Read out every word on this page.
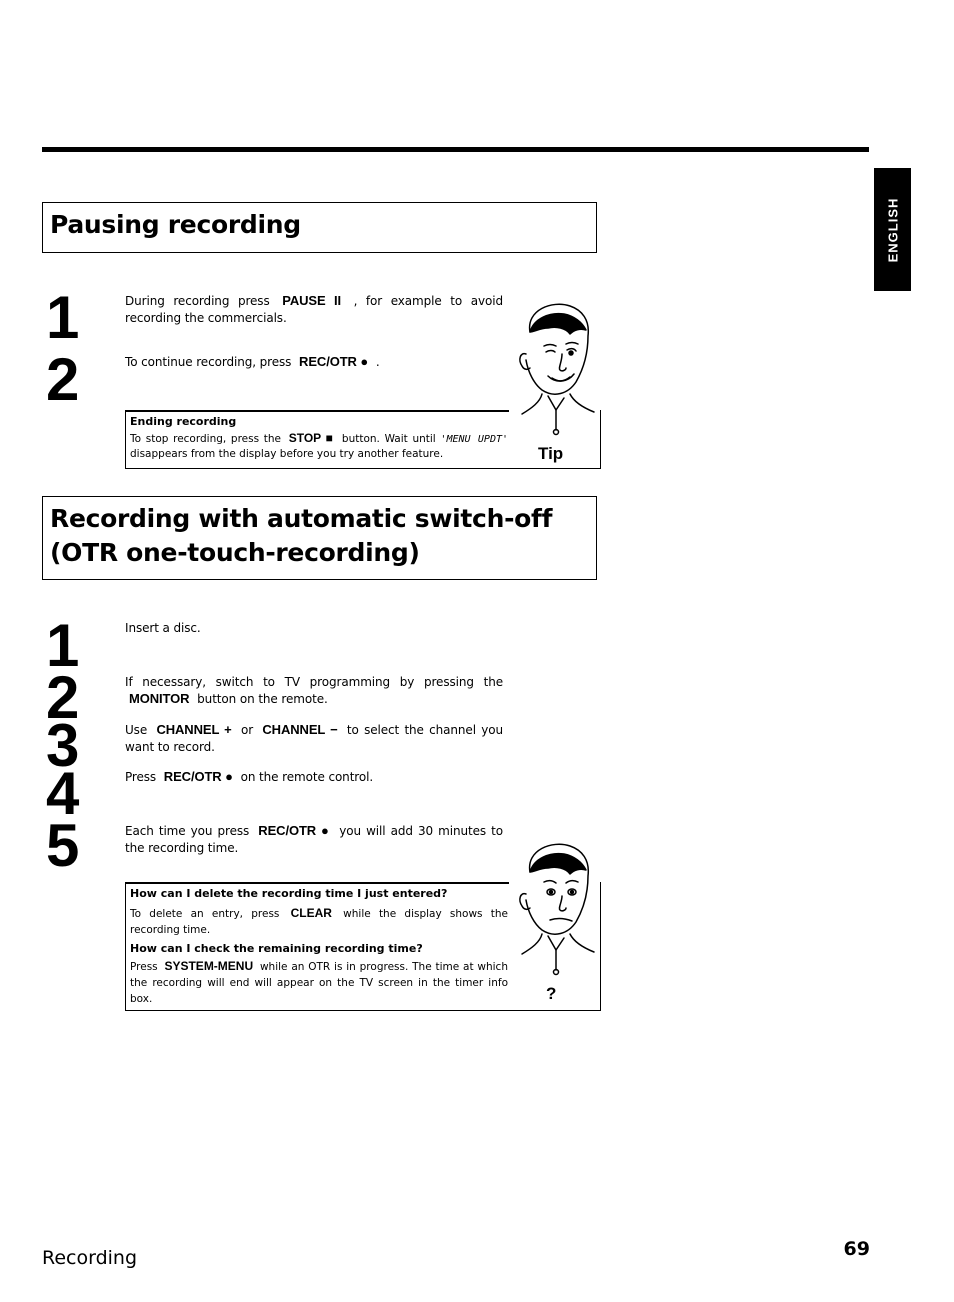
ENGLISH
Pausing recording
1	During recording press PAUSE II , for example to avoid recording the commercials.
2	To continue recording, press REC/OTR ● .
Ending recording
To stop recording, press the STOP ■ button. Wait until 'MENU UPDT' disappears from the display before you try another feature.	Tip
Recording with automatic switch-off (OTR one-touch-recording)
1	Insert a disc.
2	If necessary, switch to TV programming by pressing the MONITOR button on the remote.
3	Use CHANNEL + or CHANNEL − to select the channel you want to record.
4	Press REC/OTR ● on the remote control.
5	Each time you press REC/OTR ● you will add 30 minutes to the recording time.
How can I delete the recording time I just entered?

To delete an entry, press CLEAR while the display shows the recording time.
How can I check the remaining recording time?
Press SYSTEM-MENU while an OTR is in progress. The time at which the recording will end will appear on the TV screen in the timer info box.	?
Recording	69
